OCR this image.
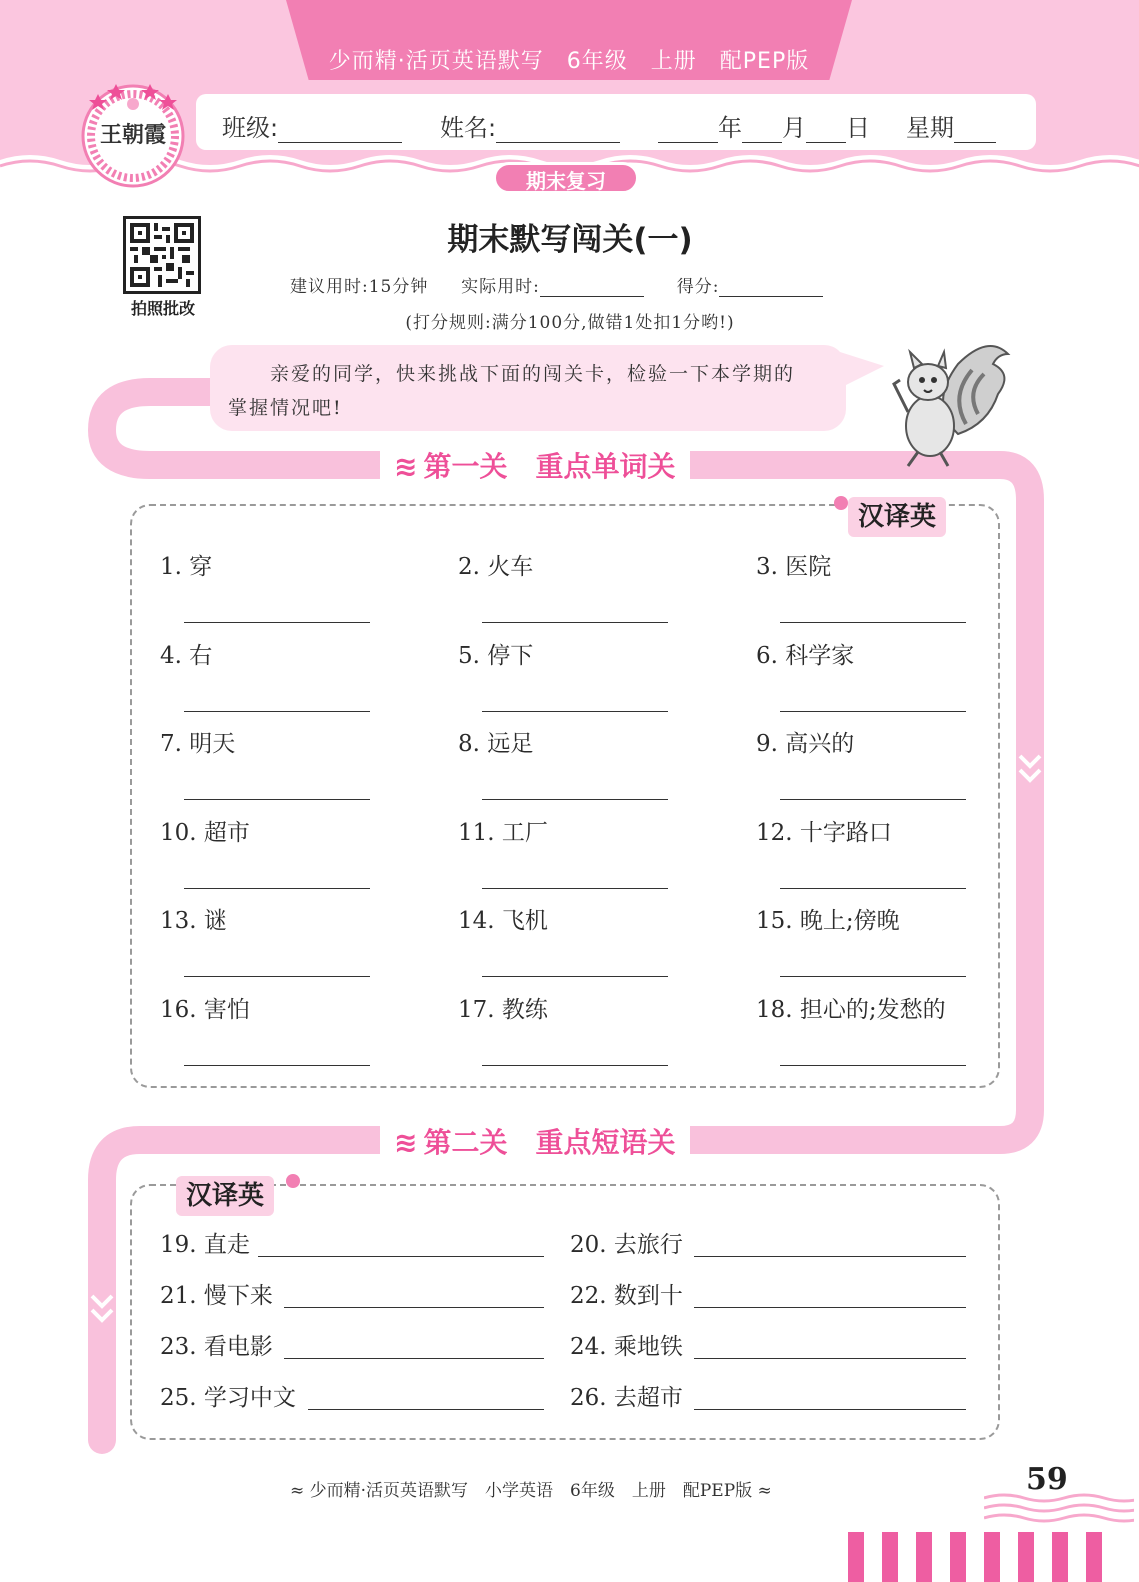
少而精·活页英语默写　6年级　上册　配PEP版
班级:	姓名:	年 月 日 星期
王朝霞
期末复习
拍照批改
期末默写闯关(一)
建议用时:15分钟 实际用时:	得分:
(打分规则:满分100分,做错1处扣1分哟!)
亲爱的同学，快来挑战下面的闯关卡，检验一下本学期的
掌握情况吧!
≋ 第一关 重点单词关
汉译英
1. 穿	2. 火车	3. 医院
4. 右	5. 停下	6. 科学家
7. 明天	8. 远足	9. 高兴的
10. 超市	11. 工厂	12. 十字路口
13. 谜	14. 飞机	15. 晚上;傍晚
16. 害怕	17. 教练	18. 担心的;发愁的
≋ 第二关 重点短语关
汉译英
19. 直走	20. 去旅行
21. 慢下来	22. 数到十
23. 看电影	24. 乘地铁
25. 学习中文	26. 去超市
≈ 少而精·活页英语默写　小学英语　6年级　上册　配PEP版 ≈	59
